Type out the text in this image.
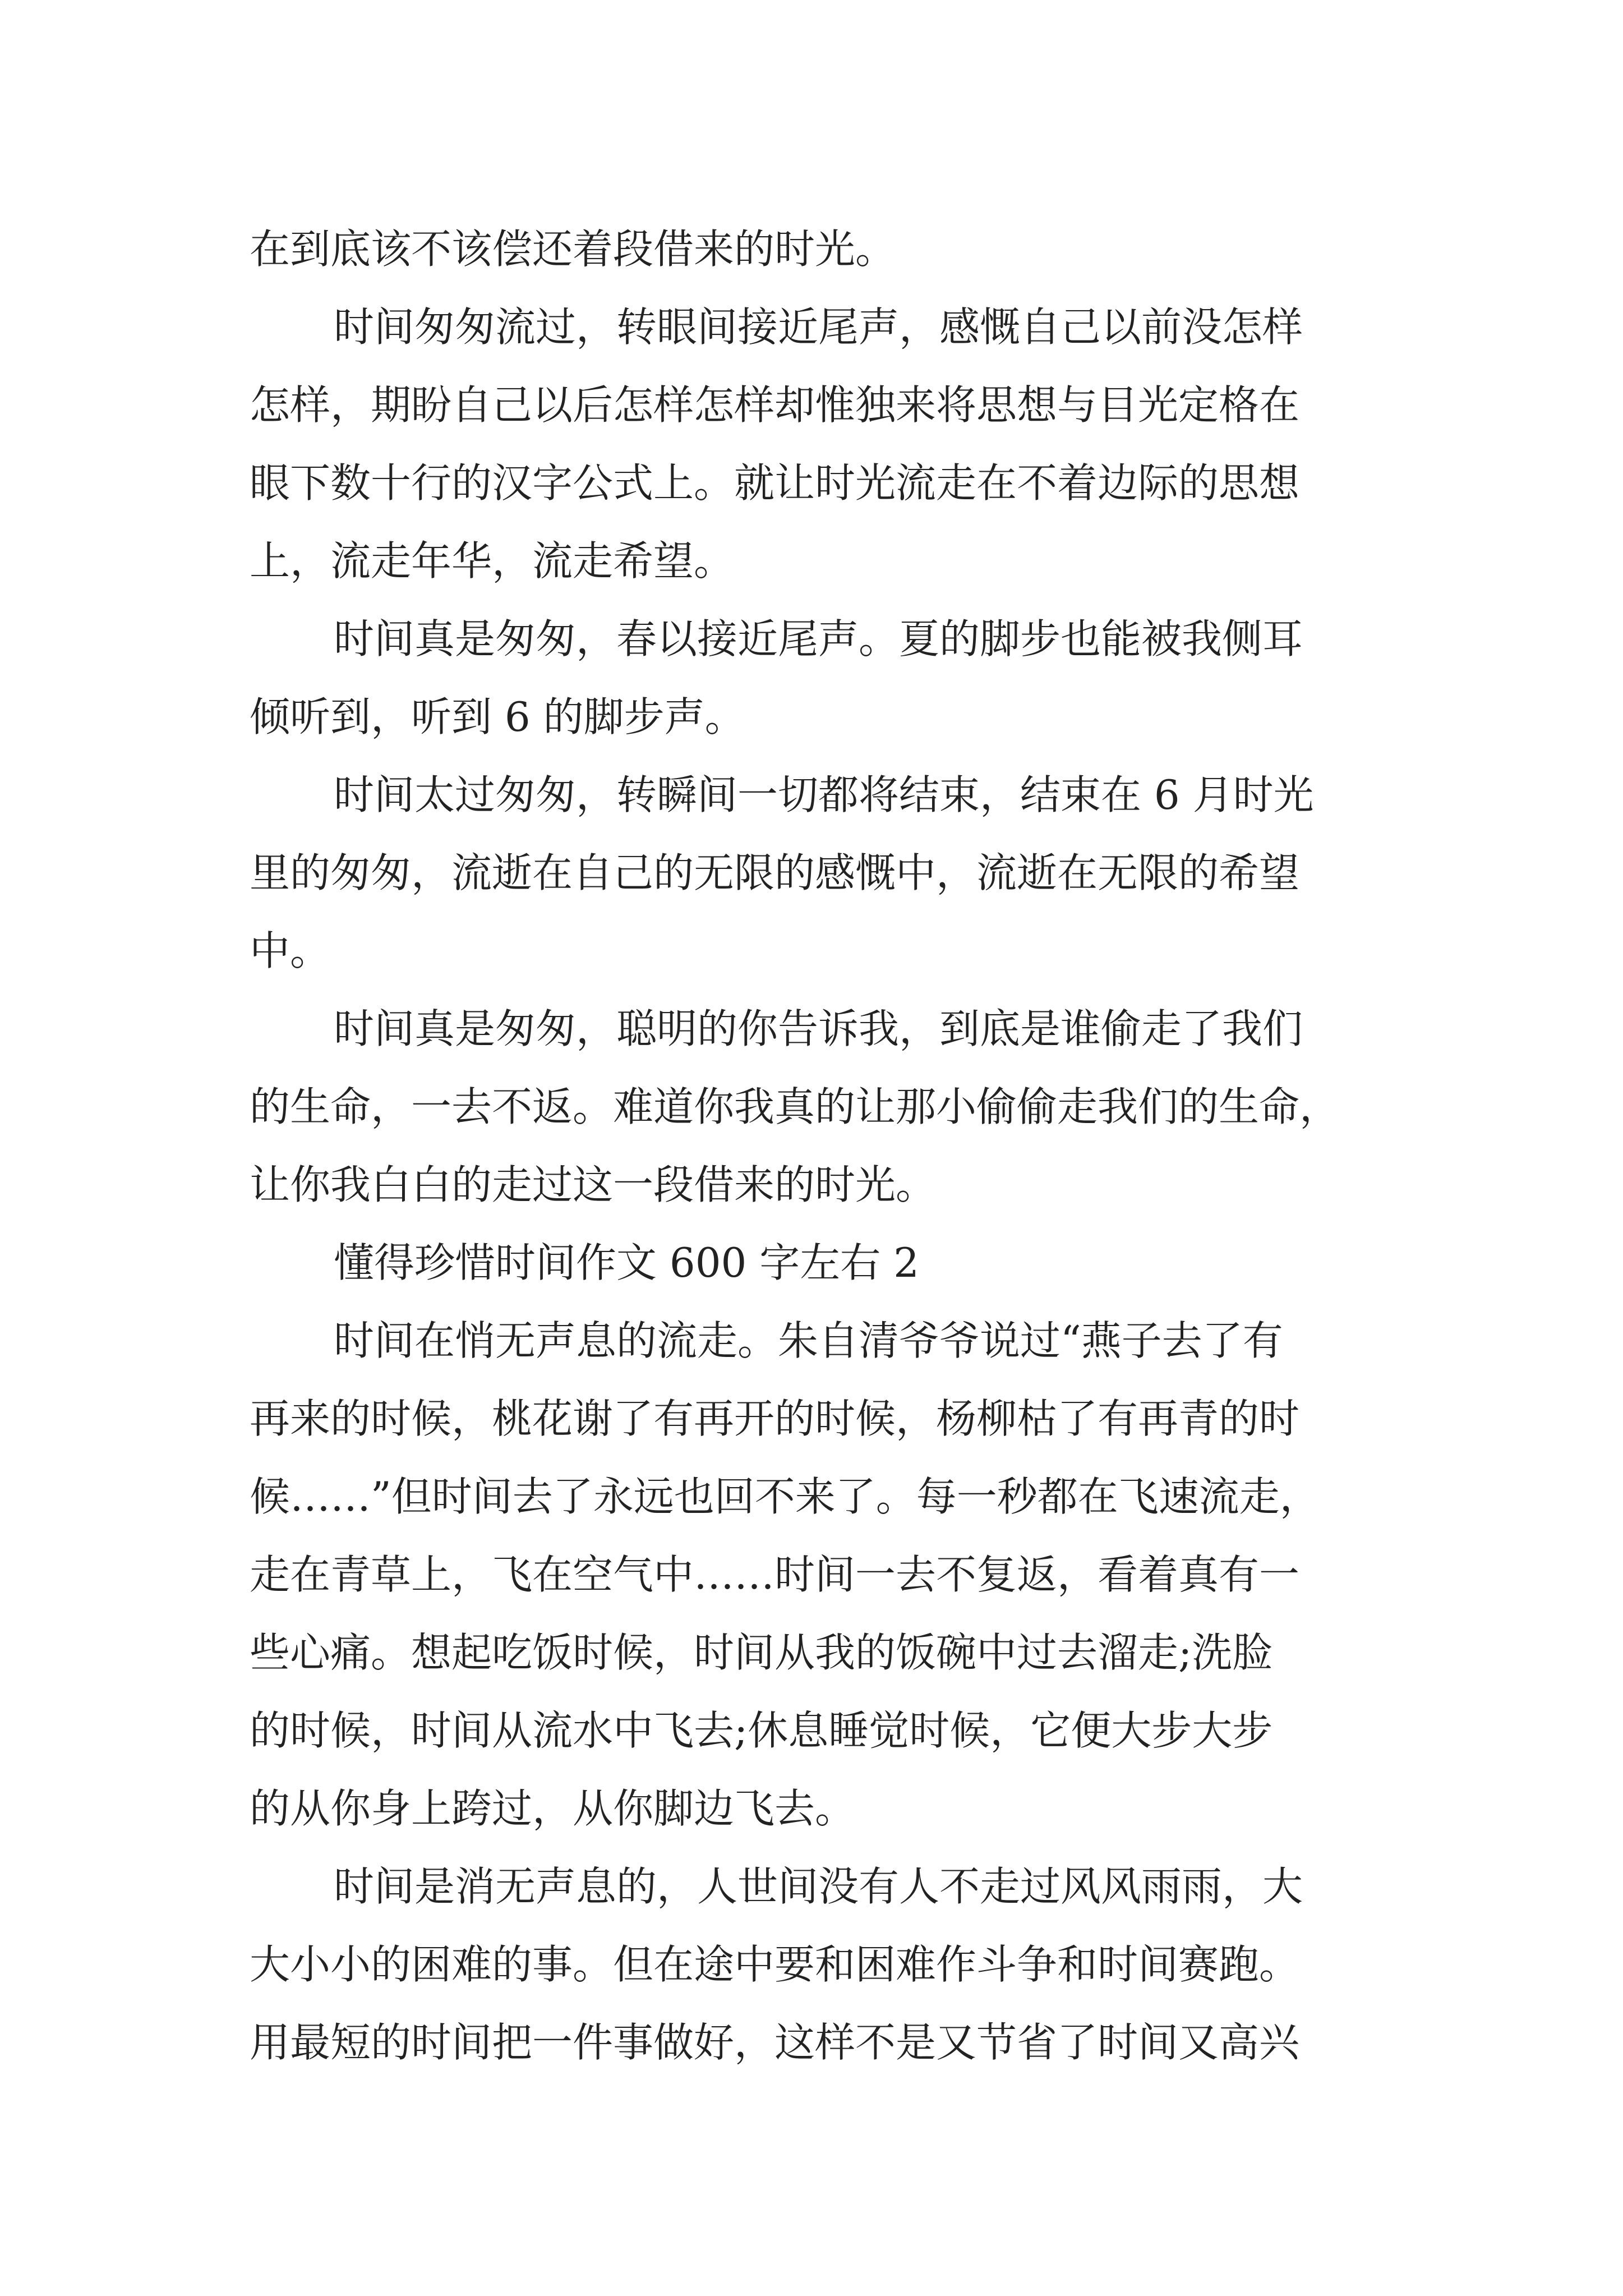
在到底该不该偿还着段借来的时光。
时间匆匆流过，转眼间接近尾声，感慨自己以前没怎样
怎样，期盼自己以后怎样怎样却惟独来将思想与目光定格在
眼下数十行的汉字公式上。就让时光流走在不着边际的思想
上，流走年华，流走希望。
时间真是匆匆，春以接近尾声。夏的脚步也能被我侧耳
倾听到，听到 6 的脚步声。
时间太过匆匆，转瞬间一切都将结束，结束在 6 月时光
里的匆匆，流逝在自己的无限的感慨中，流逝在无限的希望
中。
时间真是匆匆，聪明的你告诉我，到底是谁偷走了我们
的生命，一去不返。难道你我真的让那小偷偷走我们的生命，
让你我白白的走过这一段借来的时光。
懂得珍惜时间作文 600 字左右 2
时间在悄无声息的流走。朱自清爷爷说过“燕子去了有
再来的时候，桃花谢了有再开的时候，杨柳枯了有再青的时
候……”但时间去了永远也回不来了。每一秒都在飞速流走，
走在青草上，飞在空气中……时间一去不复返，看着真有一
些心痛。想起吃饭时候，时间从我的饭碗中过去溜走;洗脸
的时候，时间从流水中飞去;休息睡觉时候，它便大步大步
的从你身上跨过，从你脚边飞去。
时间是消无声息的，人世间没有人不走过风风雨雨，大
大小小的困难的事。但在途中要和困难作斗争和时间赛跑。
用最短的时间把一件事做好，这样不是又节省了时间又高兴
